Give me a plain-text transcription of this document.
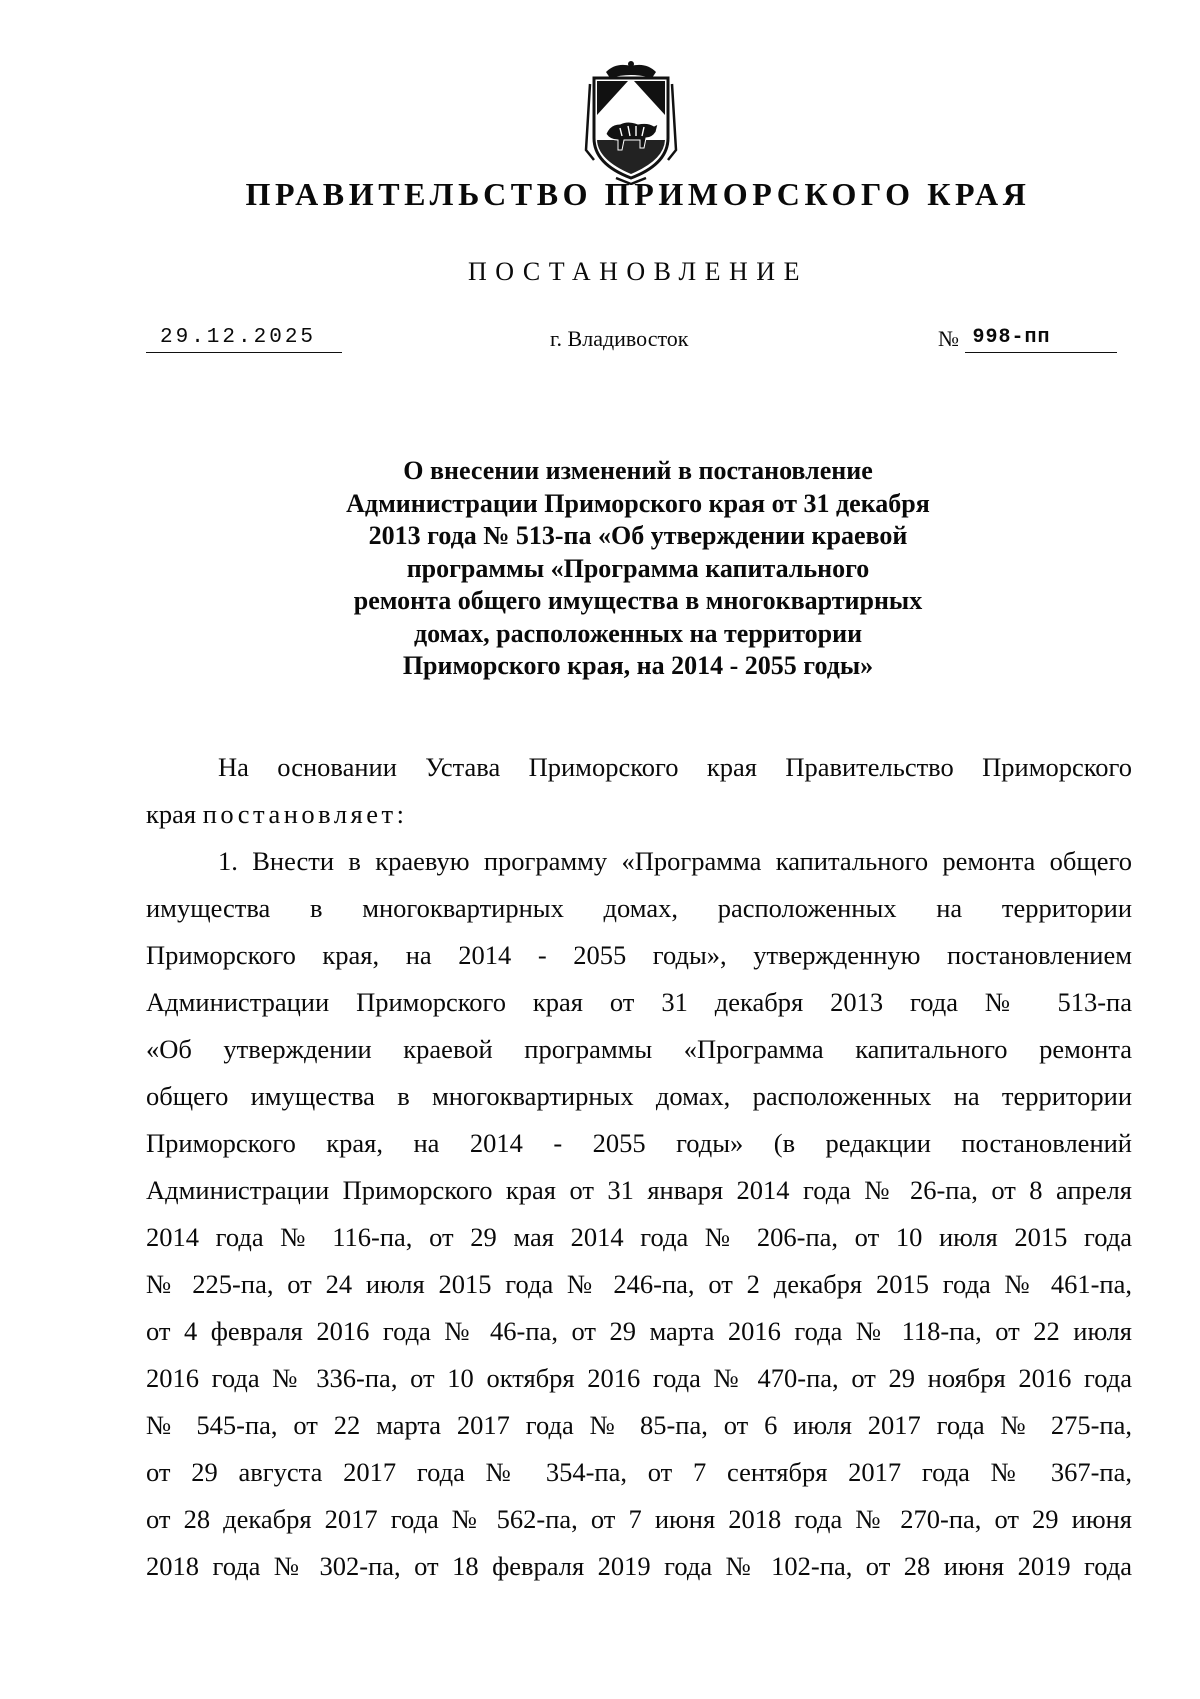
ПРАВИТЕЛЬСТВО ПРИМОРСКОГО КРАЯ
ПОСТАНОВЛЕНИЕ
29.12.2025	г. Владивосток	№ 998-пп
О внесении изменений в постановление
Администрации Приморского края от 31 декабря
2013 года № 513-па «Об утверждении краевой
программы «Программа капитального
ремонта общего имущества в многоквартирных
домах, расположенных на территории
Приморского края, на 2014 - 2055 годы»
На основании Устава Приморского края Правительство Приморского
края постановляет:
1. Внести в краевую программу «Программа капитального ремонта общего
имущества в многоквартирных домах, расположенных на территории
Приморского края, на 2014 - 2055 годы», утвержденную постановлением
Администрации Приморского края от 31 декабря 2013 года № 513-па
«Об утверждении краевой программы «Программа капитального ремонта
общего имущества в многоквартирных домах, расположенных на территории
Приморского края, на 2014 - 2055 годы» (в редакции постановлений
Администрации Приморского края от 31 января 2014 года № 26-па, от 8 апреля
2014 года № 116-па, от 29 мая 2014 года № 206-па, от 10 июля 2015 года
№ 225-па, от 24 июля 2015 года № 246-па, от 2 декабря 2015 года № 461-па,
от 4 февраля 2016 года № 46-па, от 29 марта 2016 года № 118-па, от 22 июля
2016 года № 336-па, от 10 октября 2016 года № 470-па, от 29 ноября 2016 года
№ 545-па, от 22 марта 2017 года № 85-па, от 6 июля 2017 года № 275-па,
от 29 августа 2017 года № 354-па, от 7 сентября 2017 года № 367-па,
от 28 декабря 2017 года № 562-па, от 7 июня 2018 года № 270-па, от 29 июня
2018 года № 302-па, от 18 февраля 2019 года № 102-па, от 28 июня 2019 года
